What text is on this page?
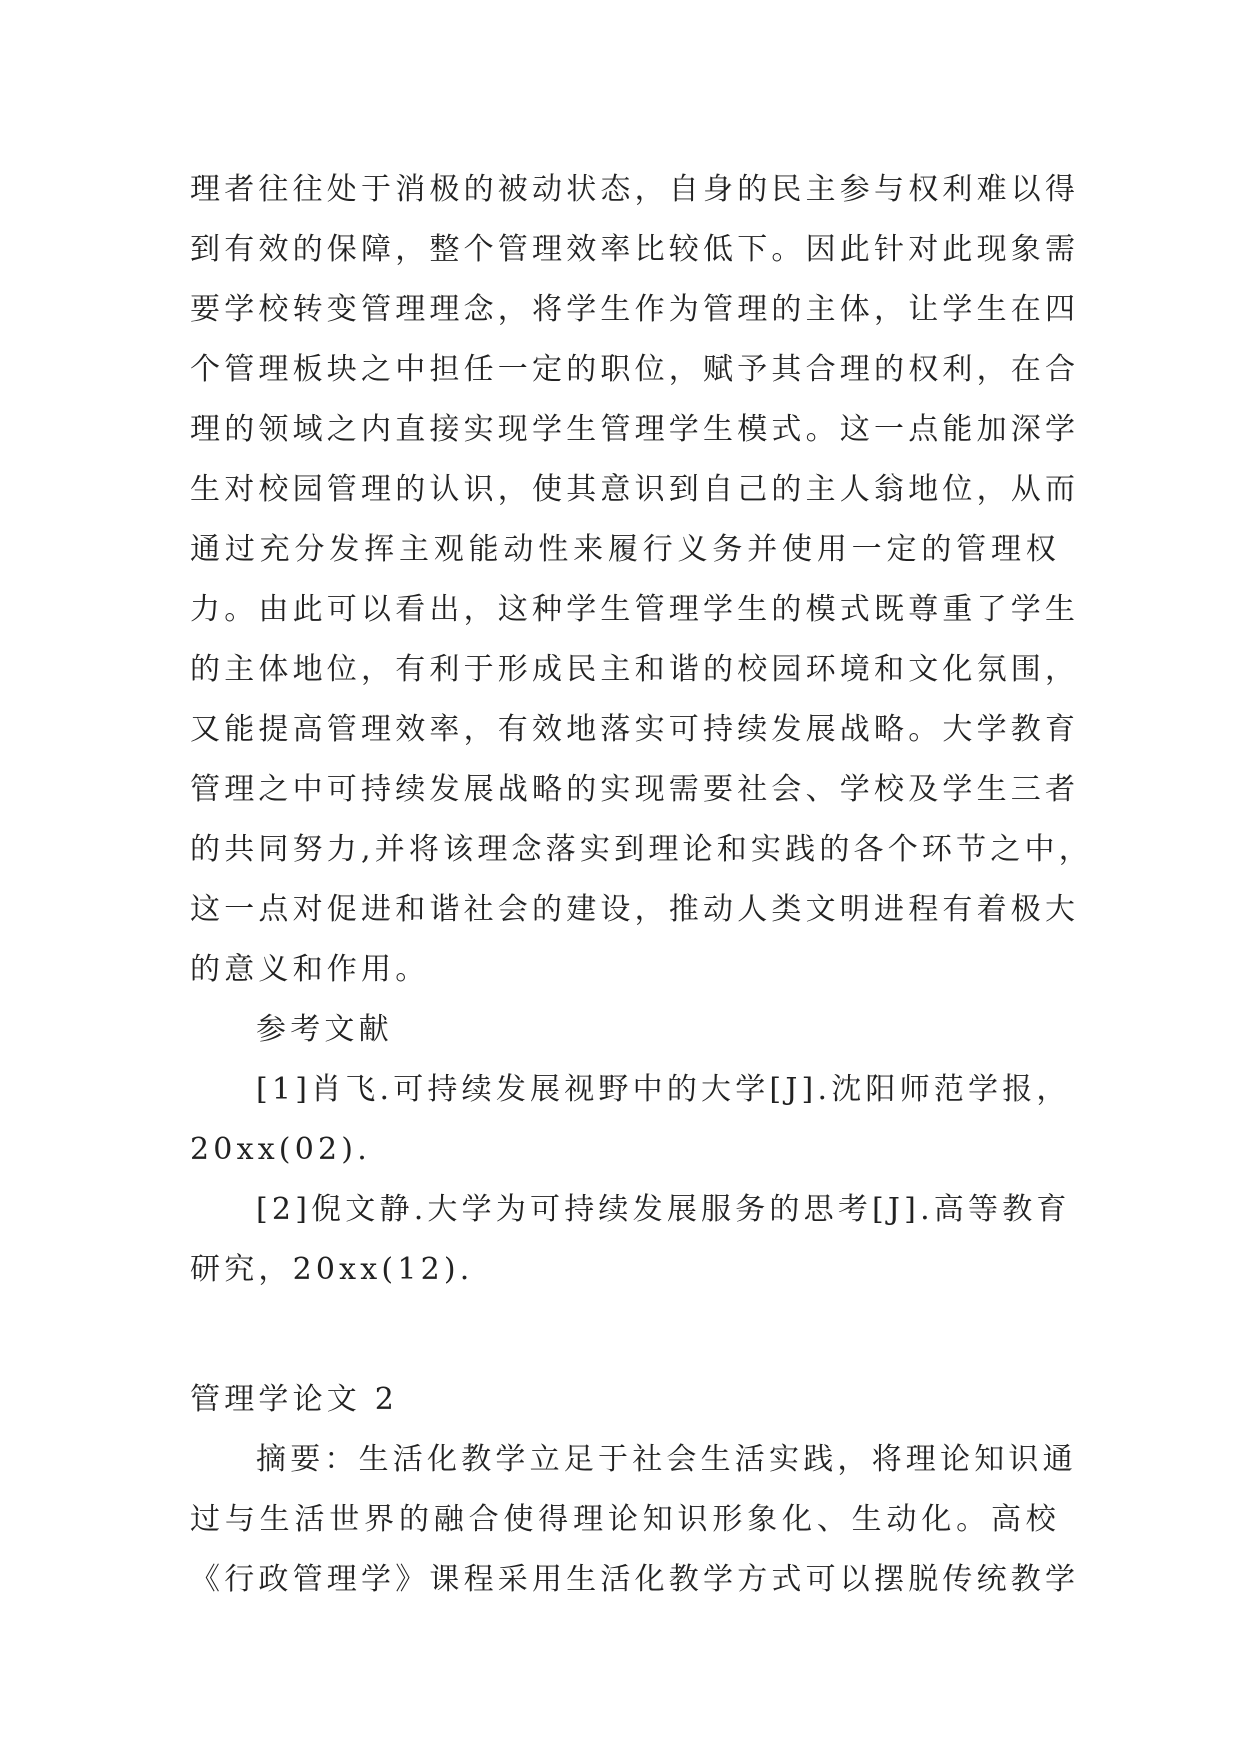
理者往往处于消极的被动状态，自身的民主参与权利难以得
到有效的保障，整个管理效率比较低下。因此针对此现象需
要学校转变管理理念，将学生作为管理的主体，让学生在四
个管理板块之中担任一定的职位，赋予其合理的权利，在合
理的领域之内直接实现学生管理学生模式。这一点能加深学
生对校园管理的认识，使其意识到自己的主人翁地位，从而
通过充分发挥主观能动性来履行义务并使用一定的管理权
力。由此可以看出，这种学生管理学生的模式既尊重了学生
的主体地位，有利于形成民主和谐的校园环境和文化氛围，
又能提高管理效率，有效地落实可持续发展战略。大学教育
管理之中可持续发展战略的实现需要社会、学校及学生三者
的共同努力,并将该理念落实到理论和实践的各个环节之中，
这一点对促进和谐社会的建设，推动人类文明进程有着极大
的意义和作用。
参考文献
[1]肖飞.可持续发展视野中的大学[J].沈阳师范学报，
20xx(02).
[2]倪文静.大学为可持续发展服务的思考[J].高等教育
研究，20xx(12).
管理学论文 2
摘要：生活化教学立足于社会生活实践，将理论知识通
过与生活世界的融合使得理论知识形象化、生动化。高校
《行政管理学》课程采用生活化教学方式可以摆脱传统教学
